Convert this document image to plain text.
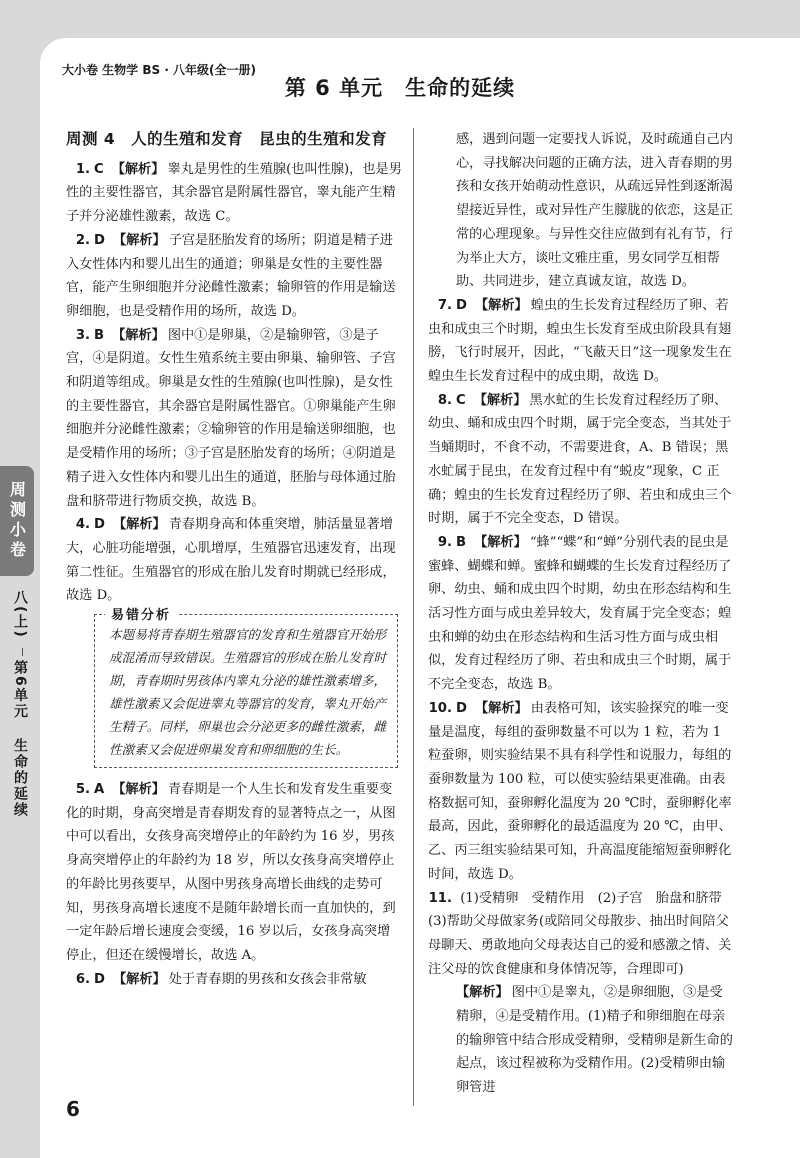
大小卷 生物学 BS · 八年级(全一册)
第 6 单元　生命的延续
周测小卷
八(上)
第6单元
生命的延续
周测 4　人的生殖和发育　昆虫的生殖和发育
1. C 【解析】 睾丸是男性的生殖腺(也叫性腺)，也是男性的主要性器官，其余器官是附属性器官，睾丸能产生精子并分泌雄性激素，故选 C。
2. D 【解析】 子宫是胚胎发育的场所；阴道是精子进入女性体内和婴儿出生的通道；卵巢是女性的主要性器官，能产生卵细胞并分泌雌性激素；输卵管的作用是输送卵细胞，也是受精作用的场所，故选 D。
3. B 【解析】 图中①是卵巢，②是输卵管，③是子宫，④是阴道。女性生殖系统主要由卵巢、输卵管、子宫和阴道等组成。卵巢是女性的生殖腺(也叫性腺)，是女性的主要性器官，其余器官是附属性器官。①卵巢能产生卵细胞并分泌雌性激素；②输卵管的作用是输送卵细胞，也是受精作用的场所；③子宫是胚胎发育的场所；④阴道是精子进入女性体内和婴儿出生的通道，胚胎与母体通过胎盘和脐带进行物质交换，故选 B。
4. D 【解析】 青春期身高和体重突增，肺活量显著增大，心脏功能增强，心肌增厚，生殖器官迅速发育，出现第二性征。生殖器官的形成在胎儿发育时期就已经形成，故选 D。
易错分析
本题易将青春期生殖器官的发育和生殖器官开始形成混淆而导致错误。生殖器官的形成在胎儿发育时期，青春期时男孩体内睾丸分泌的雄性激素增多，雄性激素又会促进睾丸等器官的发育，睾丸开始产生精子。同样，卵巢也会分泌更多的雌性激素，雌性激素又会促进卵巢发育和卵细胞的生长。
5. A 【解析】 青春期是一个人生长和发育发生重要变化的时期，身高突增是青春期发育的显著特点之一，从图中可以看出，女孩身高突增停止的年龄约为 16 岁，男孩身高突增停止的年龄约为 18 岁，所以女孩身高突增停止的年龄比男孩要早，从图中男孩身高增长曲线的走势可知，男孩身高增长速度不是随年龄增长而一直加快的，到一定年龄后增长速度会变缓，16 岁以后，女孩身高突增停止，但还在缓慢增长，故选 A。
6. D 【解析】 处于青春期的男孩和女孩会非常敏
感，遇到问题一定要找人诉说，及时疏通自己内心，寻找解决问题的正确方法，进入青春期的男孩和女孩开始萌动性意识，从疏远异性到逐渐渴望接近异性，或对异性产生朦胧的依恋，这是正常的心理现象。与异性交往应做到有礼有节，行为举止大方，谈吐文雅庄重，男女同学互相帮助、共同进步，建立真诚友谊，故选 D。
7. D 【解析】 蝗虫的生长发育过程经历了卵、若虫和成虫三个时期，蝗虫生长发育至成虫阶段具有翅膀，飞行时展开，因此，“飞蔽天日”这一现象发生在蝗虫生长发育过程中的成虫期，故选 D。
8. C 【解析】 黑水虻的生长发育过程经历了卵、幼虫、蛹和成虫四个时期，属于完全变态，当其处于当蛹期时，不食不动，不需要进食，A、B 错误；黑水虻属于昆虫，在发育过程中有“蜕皮”现象，C 正确；蝗虫的生长发育过程经历了卵、若虫和成虫三个时期，属于不完全变态，D 错误。
9. B 【解析】 “蜂”“蝶”和“蝉”分别代表的昆虫是蜜蜂、蝴蝶和蝉。蜜蜂和蝴蝶的生长发育过程经历了卵、幼虫、蛹和成虫四个时期，幼虫在形态结构和生活习性方面与成虫差异较大，发育属于完全变态；蝗虫和蝉的幼虫在形态结构和生活习性方面与成虫相似，发育过程经历了卵、若虫和成虫三个时期，属于不完全变态，故选 B。
10. D 【解析】 由表格可知，该实验探究的唯一变量是温度，每组的蚕卵数量不可以为 1 粒，若为 1 粒蚕卵，则实验结果不具有科学性和说服力，每组的蚕卵数量为 100 粒，可以使实验结果更准确。由表格数据可知，蚕卵孵化温度为 20 ℃时，蚕卵孵化率最高，因此，蚕卵孵化的最适温度为 20 ℃，由甲、乙、丙三组实验结果可知，升高温度能缩短蚕卵孵化时间，故选 D。
11. (1)受精卵　受精作用　(2)子宫　胎盘和脐带　(3)帮助父母做家务(或陪同父母散步、抽出时间陪父母聊天、勇敢地向父母表达自己的爱和感激之情、关注父母的饮食健康和身体情况等，合理即可)
【解析】 图中①是睾丸，②是卵细胞，③是受精卵，④是受精作用。(1)精子和卵细胞在母亲的输卵管中结合形成受精卵，受精卵是新生命的起点，该过程被称为受精作用。(2)受精卵由输卵管进
6
